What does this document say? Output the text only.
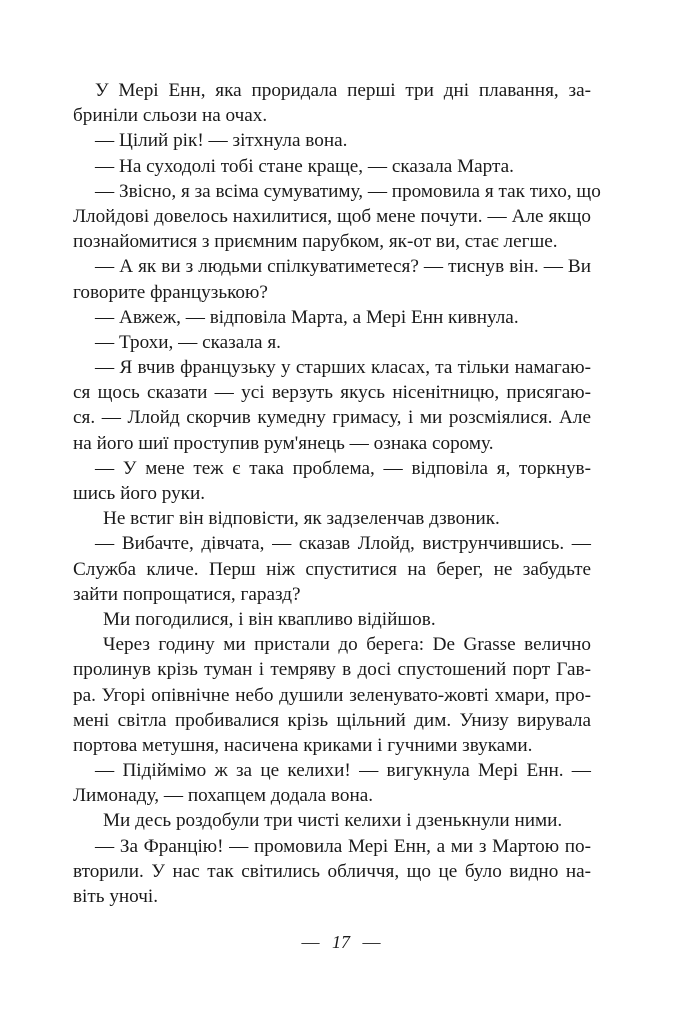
У Мері Енн, яка проридала перші три дні плавання, за-
бриніли сльози на очах.
— Цілий рік! — зітхнула вона.
— На суходолі тобі стане краще, — сказала Марта.
— Звісно, я за всіма сумуватиму, — промовила я так тихо, що
Ллойдові довелось нахилитися, щоб мене почути. — Але якщо
познайомитися з приємним парубком, як-от ви, стає легше.
— А як ви з людьми спілкуватиметеся? — тиснув він. — Ви
говорите французькою?
— Авжеж, — відповіла Марта, а Мері Енн кивнула.
— Трохи, — сказала я.
— Я вчив французьку у старших класах, та тільки намагаю-
ся щось сказати — усі верзуть якусь нісенітницю, присягаю-
ся. — Ллойд скорчив кумедну гримасу, і ми розсміялися. Але
на його шиї проступив рум'янець — ознака сорому.
— У мене теж є така проблема, — відповіла я, торкнув-
шись його руки.
Не встиг він відповісти, як задзеленчав дзвоник.
— Вибачте, дівчата, — сказав Ллойд, виструнчившись. —
Служба кличе. Перш ніж спуститися на берег, не забудьте
зайти попрощатися, гаразд?
Ми погодилися, і він квапливо відійшов.
Через годину ми пристали до берега: De Grasse велично
пролинув крізь туман і темряву в досі спустошений порт Гав-
ра. Угорі опівнічне небо душили зеленувато-жовті хмари, про-
мені світла пробивалися крізь щільний дим. Унизу вирувала
портова метушня, насичена криками і гучними звуками.
— Підіймімо ж за це келихи! — вигукнула Мері Енн. —
Лимонаду, — похапцем додала вона.
Ми десь роздобули три чисті келихи і дзенькнули ними.
— За Францію! — промовила Мері Енн, а ми з Мартою по-
вторили. У нас так світились обличчя, що це було видно на-
віть уночі.
— 17 —
